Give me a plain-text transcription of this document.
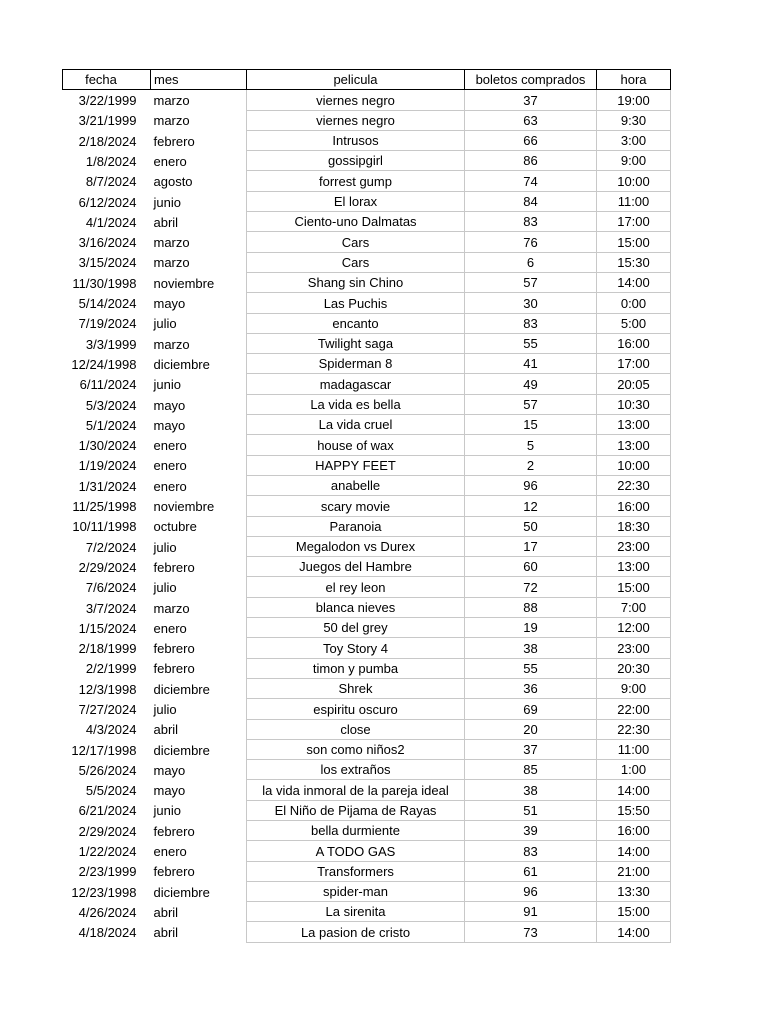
fecha	mes	pelicula	boletos comprados	hora
3/22/1999	marzo	viernes negro	37	19:00
3/21/1999	marzo	viernes negro	63	9:30
2/18/2024	febrero	Intrusos	66	3:00
1/8/2024	enero	gossipgirl	86	9:00
8/7/2024	agosto	forrest gump	74	10:00
6/12/2024	junio	El lorax	84	11:00
4/1/2024	abril	Ciento-uno Dalmatas	83	17:00
3/16/2024	marzo	Cars	76	15:00
3/15/2024	marzo	Cars	6	15:30
11/30/1998	noviembre	Shang sin Chino	57	14:00
5/14/2024	mayo	Las Puchis	30	0:00
7/19/2024	julio	encanto	83	5:00
3/3/1999	marzo	Twilight saga	55	16:00
12/24/1998	diciembre	Spiderman 8	41	17:00
6/11/2024	junio	madagascar	49	20:05
5/3/2024	mayo	La vida es bella	57	10:30
5/1/2024	mayo	La vida cruel	15	13:00
1/30/2024	enero	house of wax	5	13:00
1/19/2024	enero	HAPPY FEET	2	10:00
1/31/2024	enero	anabelle	96	22:30
11/25/1998	noviembre	scary movie	12	16:00
10/11/1998	octubre	Paranoia	50	18:30
7/2/2024	julio	Megalodon vs Durex	17	23:00
2/29/2024	febrero	Juegos del Hambre	60	13:00
7/6/2024	julio	el rey leon	72	15:00
3/7/2024	marzo	blanca nieves	88	7:00
1/15/2024	enero	50 del grey	19	12:00
2/18/1999	febrero	Toy Story 4	38	23:00
2/2/1999	febrero	timon y pumba	55	20:30
12/3/1998	diciembre	Shrek	36	9:00
7/27/2024	julio	espiritu oscuro	69	22:00
4/3/2024	abril	close	20	22:30
12/17/1998	diciembre	son como niños2	37	11:00
5/26/2024	mayo	los extraños	85	1:00
5/5/2024	mayo	la vida inmoral de la pareja ideal	38	14:00
6/21/2024	junio	El Niño de Pijama de Rayas	51	15:50
2/29/2024	febrero	bella durmiente	39	16:00
1/22/2024	enero	A TODO GAS	83	14:00
2/23/1999	febrero	Transformers	61	21:00
12/23/1998	diciembre	spider-man	96	13:30
4/26/2024	abril	La sirenita	91	15:00
4/18/2024	abril	La pasion de cristo	73	14:00
